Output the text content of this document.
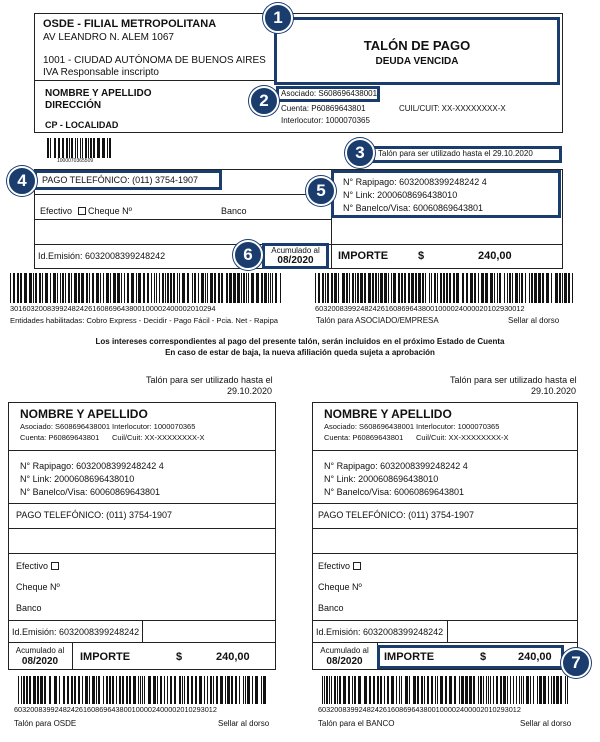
OSDE - FILIAL METROPOLITANA
AV LEANDRO N. ALEM 1067
1001 - CIUDAD AUTÓNOMA DE BUENOS AIRES
IVA Responsable inscripto
TALÓN DE PAGO
DEUDA VENCIDA
NOMBRE Y APELLIDO
DIRECCIÓN
CP - LOCALIDAD
Asociado: S608696438001
Cuenta: P60869643801
Interlocutor: 1000070365
CUIL/CUIT: XX-XXXXXXXX-X
1000070365509
Talón para ser utilizado hasta el 29.10.2020
PAGO TELEFÓNICO: (011) 3754-1907
Efectivo Cheque Nº	Banco
N° Rapipago: 6032008399248242 4
N° Link: 2000608696438010
N° Banelco/Visa: 60060869643801
Id.Emisión: 6032008399248242
Acumulado al
08/2020	IMPORTE	$	240,00
30160320083992482426160869643800100002400002010294	603200839924824261608696438001000024000020102930012
Entidades habilitadas: Cobro Express - Decidir - Pago Fácil - Pcia. Net - Rapipa	Talón para ASOCIADO/EMPRESA	Sellar al dorso
Los intereses correspondientes al pago del presente talón, serán incluidos en el próximo Estado de Cuenta
En caso de estar de baja, la nueva afiliación queda sujeta a aprobación
Talón para ser utilizado hasta el
29.10.2020
NOMBRE Y APELLIDO
Asociado: S608696438001 Interlocutor: 1000070365
Cuenta: P60869643801 Cuil/Cuit: XX-XXXXXXXX-X
N° Rapipago: 6032008399248242 4
N° Link: 2000608696438010
N° Banelco/Visa: 60060869643801
PAGO TELEFÓNICO: (011) 3754-1907
Efectivo
Cheque Nº
Banco
Id.Emisión: 6032008399248242
Acumulado al
08/2020	IMPORTE	$	240,00
60320083992482426160869643800100002400002010293012
Talón para OSDE	Sellar al dorso
Talón para ser utilizado hasta el
29.10.2020
NOMBRE Y APELLIDO
Asociado: S608696438001 Interlocutor: 1000070365
Cuenta: P60869643801 Cuil/Cuit: XX-XXXXXXXX-X
N° Rapipago: 6032008399248242 4
N° Link: 2000608696438010
N° Banelco/Visa: 60060869643801
PAGO TELEFÓNICO: (011) 3754-1907
Efectivo
Cheque Nº
Banco
Id.Emisión: 6032008399248242
Acumulado al
08/2020	IMPORTE	$	240,00
60320083992482426160869643800100002400002010293012
Talón para el BANCO	Sellar al dorso
1
2
3
4
5
6
7
